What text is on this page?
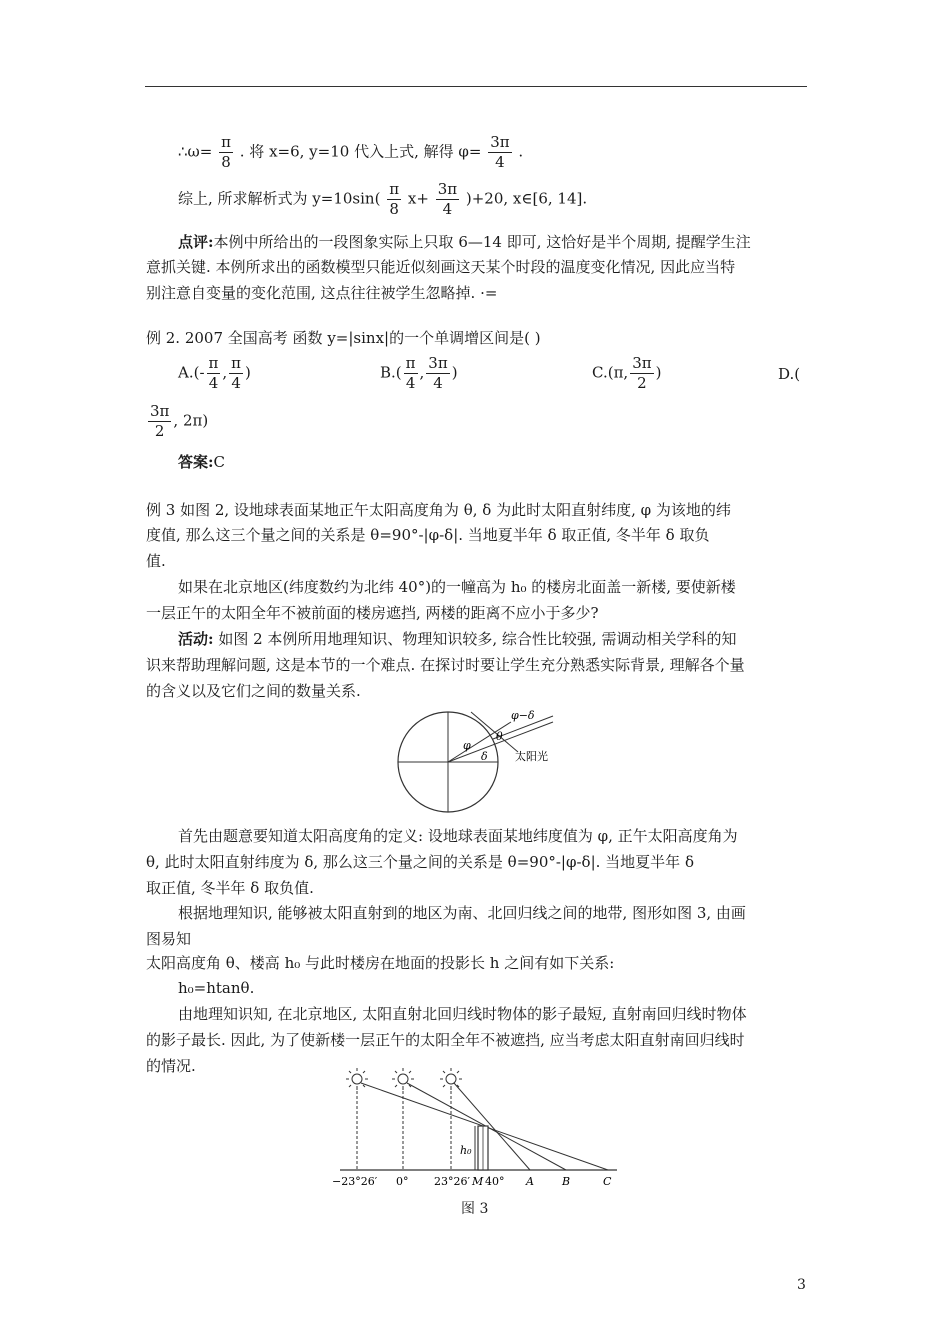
∴ω= $\frac{\pi}{8}$ . 将 x=6, y=10 代入上式, 解得 $\varphi= \frac{3\pi}{4}$ .
综上, 所求解析式为 $y=10\sin( \frac{\pi}{8} x+ \frac{3\pi}{4} )+20$, x∈[6, 14].
点评:本例中所给出的一段图象实际上只取 6—14 即可, 这恰好是半个周期, 提醒学生注
意抓关键. 本例所求出的函数模型只能近似刻画这天某个时段的温度变化情况, 因此应当特
别注意自变量的变化范围, 这点往往被学生忽略掉. ·=
例 2. 2007 全国高考 函数 y=|sinx|的一个单调增区间是( )
$A.(- \frac{\pi}{4}$ , $\frac{\pi}{4}$ )	$B.( \frac{\pi}{4}$ , $\frac{3\pi}{4}$ )	C.(π, $\frac{3\pi}{2}$ )	D.(
$\frac{3\pi}{2}$ , 2π)
答案:C
例 3 如图 2, 设地球表面某地正午太阳高度角为 θ, δ 为此时太阳直射纬度, φ 为该地的纬
度值, 那么这三个量之间的关系是 θ=90°-|φ-δ|. 当地夏半年 δ 取正值, 冬半年 δ 取负
值.
如果在北京地区(纬度数约为北纬 40°)的一幢高为 h₀ 的楼房北面盖一新楼, 要使新楼
一层正午的太阳全年不被前面的楼房遮挡, 两楼的距离不应小于多少?
活动: 如图 2 本例所用地理知识、物理知识较多, 综合性比较强, 需调动相关学科的知
识来帮助理解问题, 这是本节的一个难点. 在探讨时要让学生充分熟悉实际背景, 理解各个量
的含义以及它们之间的数量关系.
φ−δ
θ
φ
δ 太阳光
首先由题意要知道太阳高度角的定义: 设地球表面某地纬度值为 φ, 正午太阳高度角为
θ, 此时太阳直射纬度为 δ, 那么这三个量之间的关系是 θ=90°-|φ-δ|. 当地夏半年 δ
取正值, 冬半年 δ 取负值.
根据地理知识, 能够被太阳直射到的地区为南、北回归线之间的地带, 图形如图 3, 由画
图易知
太阳高度角 θ、楼高 h₀ 与此时楼房在地面的投影长 h 之间有如下关系:
h₀=htanθ.
由地理知识知, 在北京地区, 太阳直射北回归线时物体的影子最短, 直射南回归线时物体
的影子最长. 因此, 为了使新楼一层正午的太阳全年不被遮挡, 应当考虑太阳直射南回归线时
的情况.
h₀
−23°26′ 0° 23°26′ M 40° A	B	C
图 3
3
